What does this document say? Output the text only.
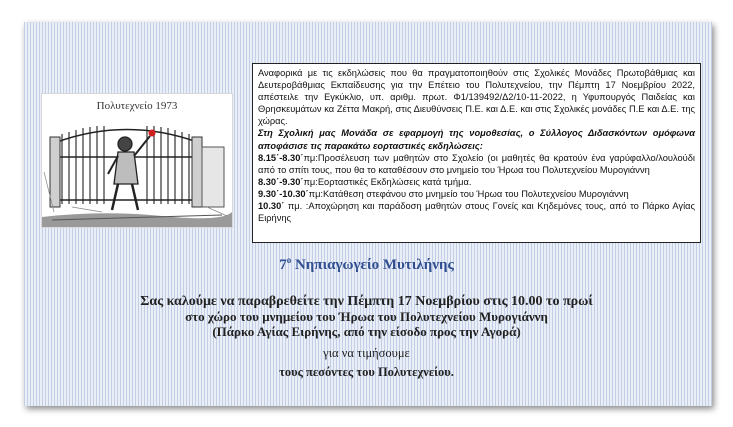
Πολυτεχνείο 1973

Αναφορικά με τις εκδηλώσεις που θα πραγματοποιηθούν στις Σχολικές Μονάδες Πρωτοβάθμιας και Δευτεροβάθμιας Εκπαίδευσης για την Επέτειο του Πολυτεχνείου, την Πέμπτη 17 Νοεμβρίου 2022, απέστειλε την Εγκύκλιο, υπ. αριθμ. πρωτ. Φ1/139492/Δ2/10-11-2022, η Υφυπουργός Παιδείας και Θρησκευμάτων κα Ζέττα Μακρή, στις Διευθύνσεις Π.Ε. και Δ.Ε. και στις Σχολικές μονάδες Π.Ε και Δ.Ε. της χώρας.

Στη Σχολική μας Μονάδα σε εφαρμογή της νομοθεσίας, ο Σύλλογος Διδασκόντων ομόφωνα αποφάσισε τις παρακάτω εορταστικές εκδηλώσεις:

8.15΄-8.30΄πμ:Προσέλευση των μαθητών στο Σχολείο (οι μαθητές θα κρατούν ένα γαρύφαλλο/λουλούδι από το σπίτι τους, που θα το καταθέσουν στο μνημείο του Ήρωα του Πολυτεχνείου Μυρογιάννη

8.30΄-9.30΄πμ:Εορταστικές Εκδηλώσεις κατά τμήμα.

9.30΄-10.30΄πμ:Κατάθεση στεφάνου στο μνημείο του Ήρωα του Πολυτεχνείου Μυρογιάννη

10.30΄ πμ. :Αποχώρηση και παράδοση μαθητών στους Γονείς και Κηδεμόνες τους, από το Πάρκο Αγίας Ειρήνης

$7^o$ Νηπιαγωγείο Μυτιλήνης
Σας καλούμε να παραβρεθείτε την Πέμπτη 17 Νοεμβρίου στις 10.00 το πρωί
στο χώρο του μνημείου του Ήρωα του Πολυτεχνείου Μυρογιάννη
(Πάρκο Αγίας Ειρήνης, από την είσοδο προς την Αγορά)
για να τιμήσουμε
τους πεσόντες του Πολυτεχνείου.
